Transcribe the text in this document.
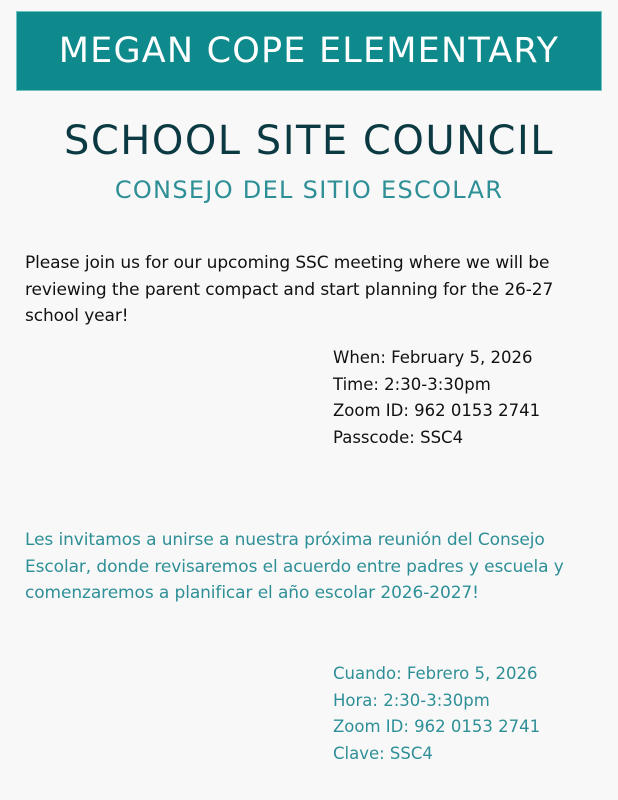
MEGAN COPE ELEMENTARY
SCHOOL SITE COUNCIL
CONSEJO DEL SITIO ESCOLAR
Please join us for our upcoming SSC meeting where we will be reviewing the parent compact and start planning for the 26-27 school year!
When: February 5, 2026
Time: 2:30-3:30pm
Zoom ID: 962 0153 2741
Passcode: SSC4
Les invitamos a unirse a nuestra próxima reunión del Consejo Escolar, donde revisaremos el acuerdo entre padres y escuela y comenzaremos a planificar el año escolar 2026-2027!
Cuando: Febrero 5, 2026
Hora: 2:30-3:30pm
Zoom ID: 962 0153 2741
Clave: SSC4
